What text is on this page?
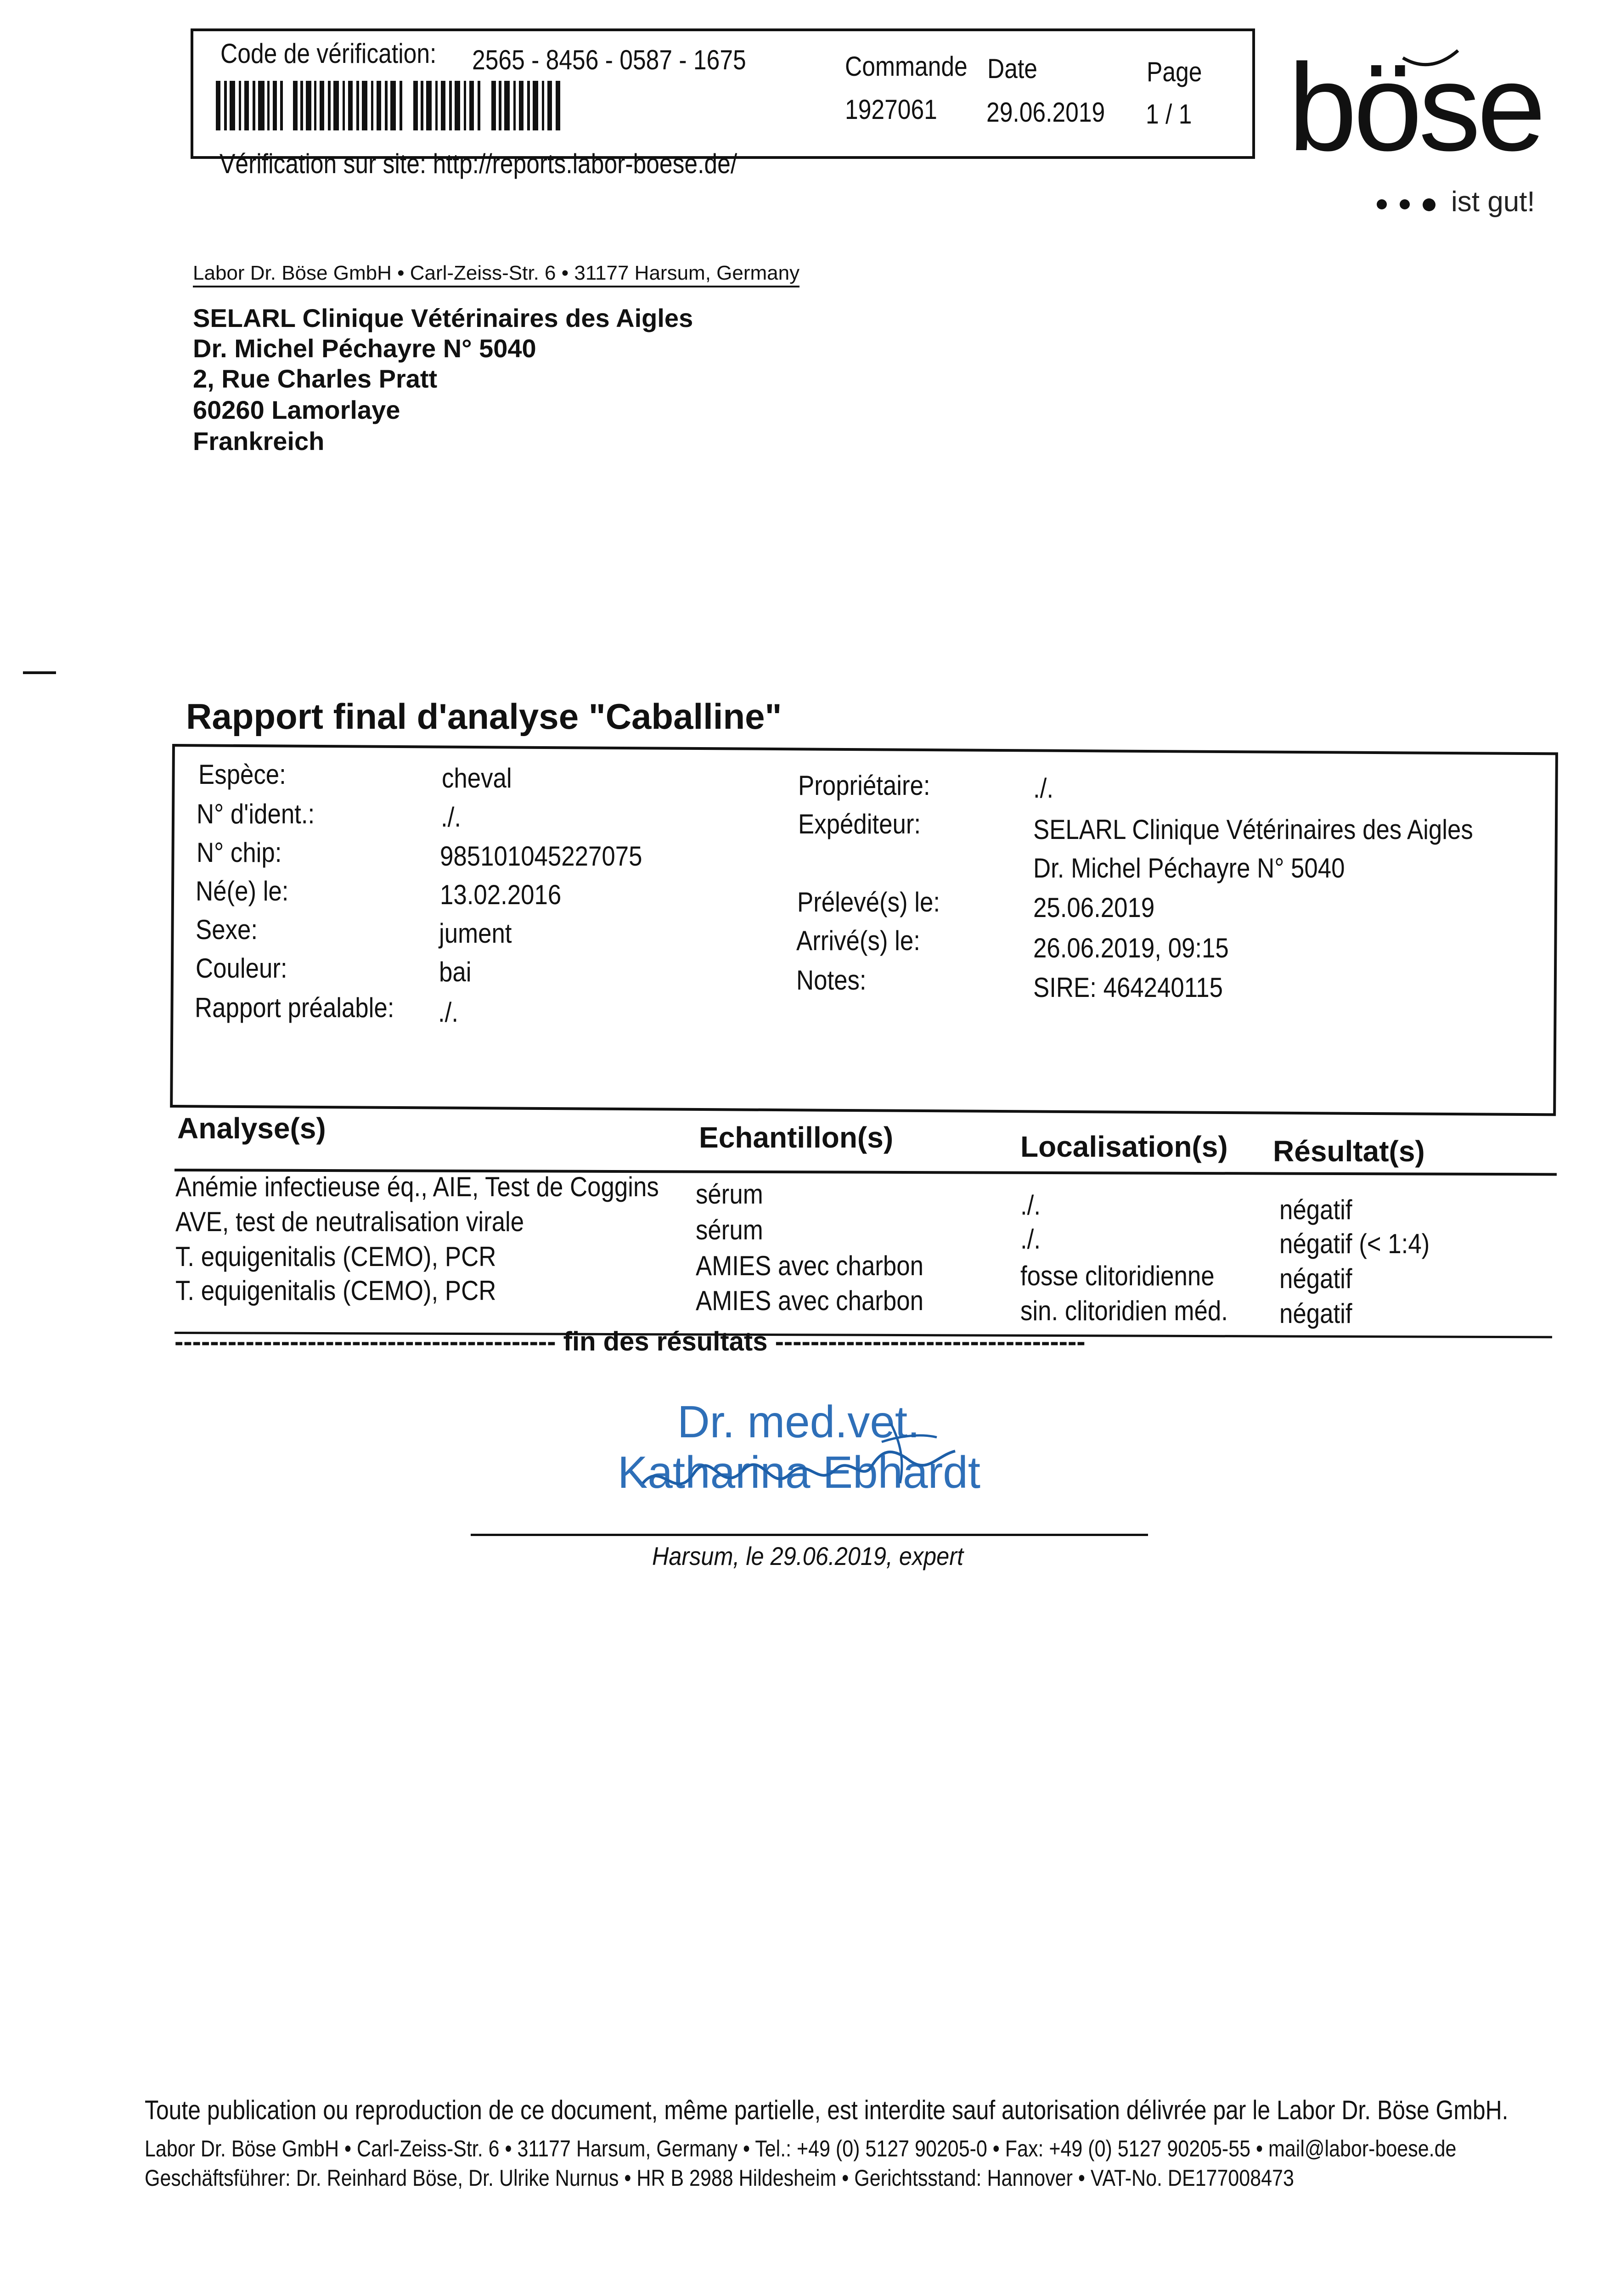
Code de vérification: 2565 - 8456 - 0587 - 1675	Commande
1927061
Date
29.06.2019
Page
1 / 1
Vérification sur site: http://reports.labor-boese.de/	böse
ist gut!
Labor Dr. Böse GmbH • Carl-Zeiss-Str. 6 • 31177 Harsum, Germany
SELARL Clinique Vétérinaires des Aigles
Dr. Michel Péchayre N° 5040
2, Rue Charles Pratt
60260 Lamorlaye
Frankreich
Rapport final d'analyse "Caballine"
Espèce:	cheval
N° d'ident.:	./.
N° chip:	985101045227075
Né(e) le:	13.02.2016
Sexe:	jument
Couleur:	bai
Rapport préalable: ./.
Propriétaire:	./.
Expéditeur:	SELARL Clinique Vétérinaires des Aigles
Dr. Michel Péchayre N° 5040
Prélevé(s) le:	25.06.2019
Arrivé(s) le:	26.06.2019, 09:15
Notes:	SIRE: 464240115
Analyse(s)	Echantillon(s)	Localisation(s) Résultat(s)
Anémie infectieuse éq., AIE, Test de Coggins sérum	./.	négatif
AVE, test de neutralisation virale	sérum	./.	négatif (< 1:4)
T. equigenitalis (CEMO), PCR	AMIES avec charbon	fosse clitoridienne négatif
T. equigenitalis (CEMO), PCR	AMIES avec charbon	sin. clitoridien méd. négatif
------------------------------------------- fin des résultats -----------------------------------
Dr. med.vet.
Katharina Ebhardt
Harsum, le 29.06.2019, expert
Toute publication ou reproduction de ce document, même partielle, est interdite sauf autorisation délivrée par le Labor Dr. Böse GmbH.
Labor Dr. Böse GmbH • Carl-Zeiss-Str. 6 • 31177 Harsum, Germany • Tel.: +49 (0) 5127 90205-0 • Fax: +49 (0) 5127 90205-55 • mail@labor-boese.de
Geschäftsführer: Dr. Reinhard Böse, Dr. Ulrike Nurnus • HR B 2988 Hildesheim • Gerichtsstand: Hannover • VAT-No. DE177008473
